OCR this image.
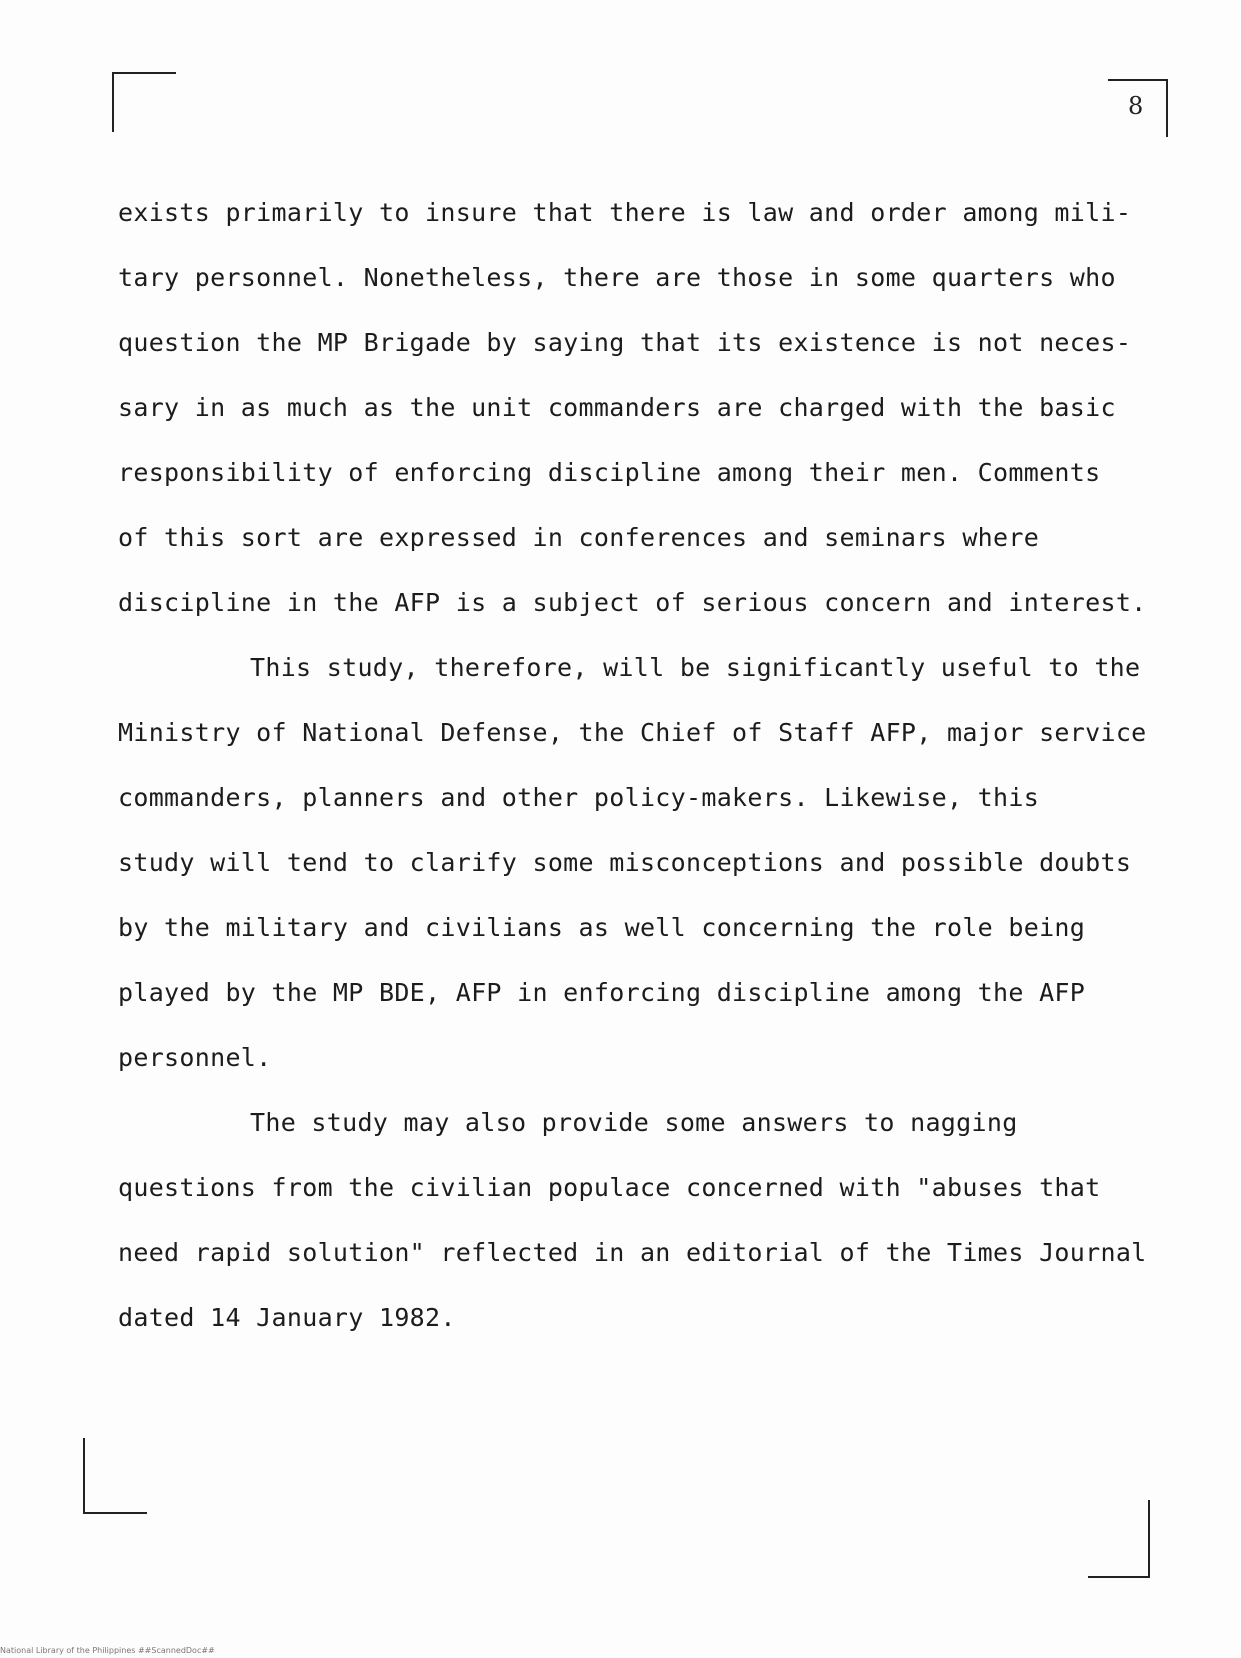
8
exists primarily to insure that there is law and order among mili-
tary personnel. Nonetheless, there are those in some quarters who
question the MP Brigade by saying that its existence is not neces-
sary in as much as the unit commanders are charged with the basic
responsibility of enforcing discipline among their men. Comments
of this sort are expressed in conferences and seminars where
discipline in the AFP is a subject of serious concern and interest.
This study, therefore, will be significantly useful to the
Ministry of National Defense, the Chief of Staff AFP, major service
commanders, planners and other policy-makers. Likewise, this
study will tend to clarify some misconceptions and possible doubts
by the military and civilians as well concerning the role being
played by the MP BDE, AFP in enforcing discipline among the AFP
personnel.
The study may also provide some answers to nagging
questions from the civilian populace concerned with "abuses that
need rapid solution" reflected in an editorial of the Times Journal
dated 14 January 1982.
National Library of the Philippines ##ScannedDoc##
